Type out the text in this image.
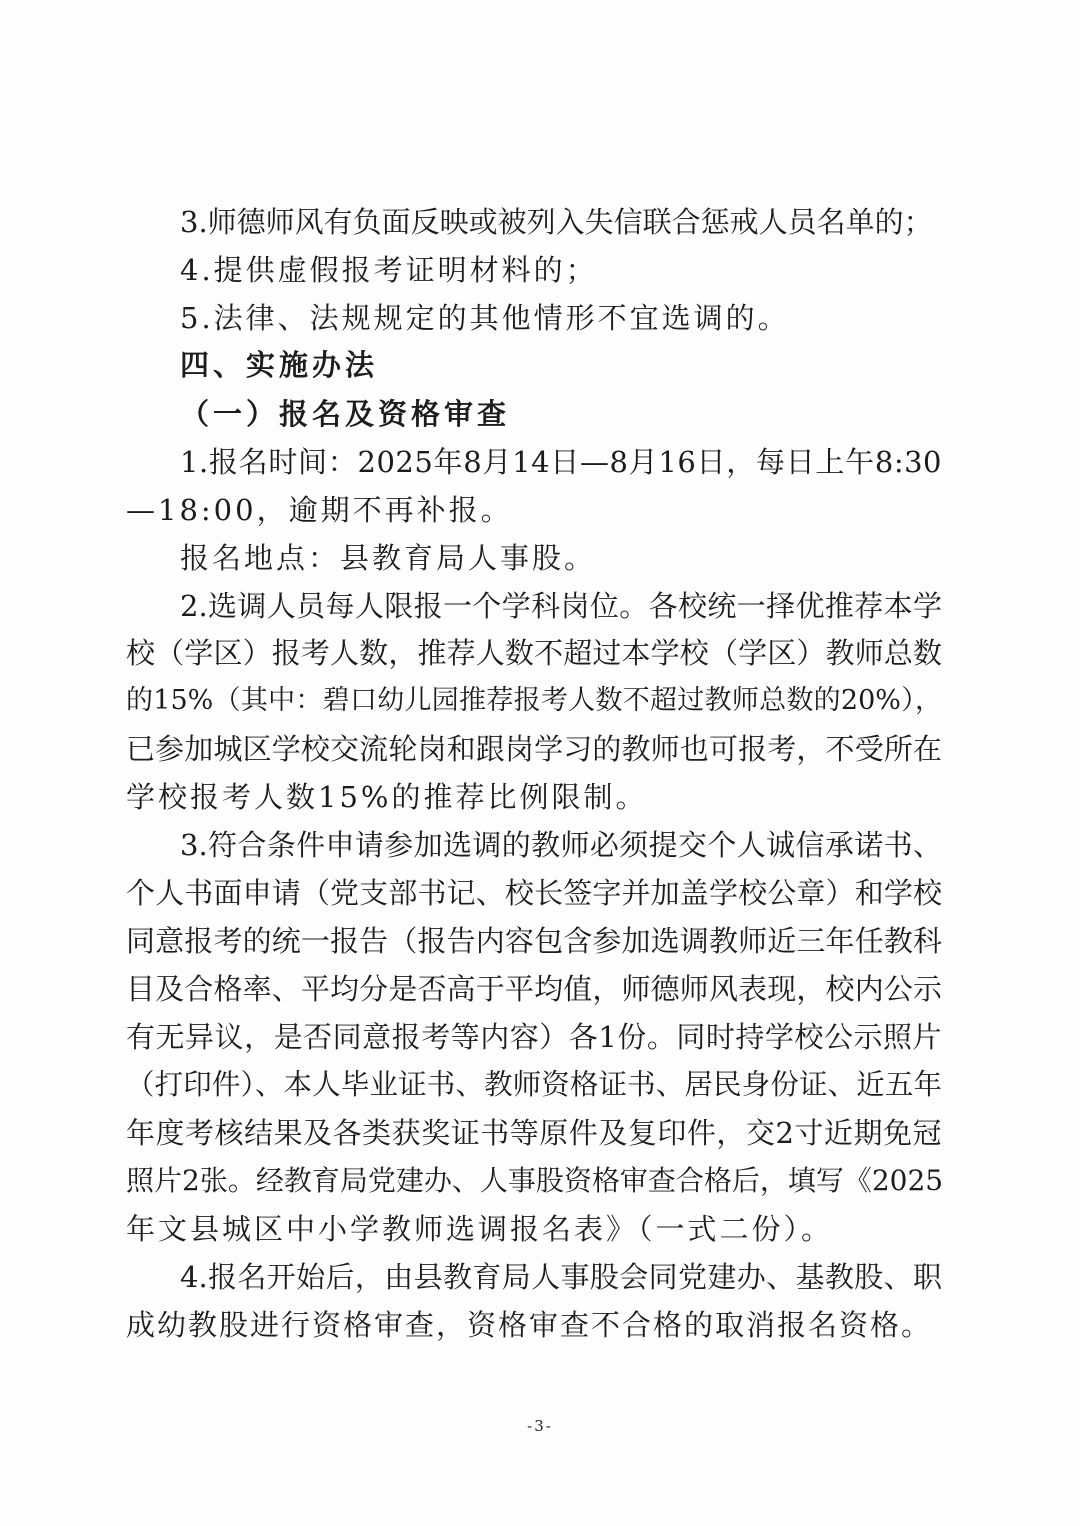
3.师德师风有负面反映或被列入失信联合惩戒人员名单的；
4.提供虚假报考证明材料的；
5.法律、法规规定的其他情形不宜选调的。
四、实施办法
（一）报名及资格审查
1.报名时间：2025年8月14日—8月16日，每日上午8:30
—18:00，逾期不再补报。
报名地点：县教育局人事股。
2.选调人员每人限报一个学科岗位。各校统一择优推荐本学
校（学区）报考人数，推荐人数不超过本学校（学区）教师总数
的15%（其中：碧口幼儿园推荐报考人数不超过教师总数的20%），
已参加城区学校交流轮岗和跟岗学习的教师也可报考，不受所在
学校报考人数15%的推荐比例限制。
3.符合条件申请参加选调的教师必须提交个人诚信承诺书、
个人书面申请（党支部书记、校长签字并加盖学校公章）和学校
同意报考的统一报告（报告内容包含参加选调教师近三年任教科
目及合格率、平均分是否高于平均值，师德师风表现，校内公示
有无异议，是否同意报考等内容）各1份。同时持学校公示照片
（打印件）、本人毕业证书、教师资格证书、居民身份证、近五年
年度考核结果及各类获奖证书等原件及复印件，交2寸近期免冠
照片2张。经教育局党建办、人事股资格审查合格后，填写《2025
年文县城区中小学教师选调报名表》（一式二份）。
4.报名开始后，由县教育局人事股会同党建办、基教股、职
成幼教股进行资格审查，资格审查不合格的取消报名资格。
-3-
